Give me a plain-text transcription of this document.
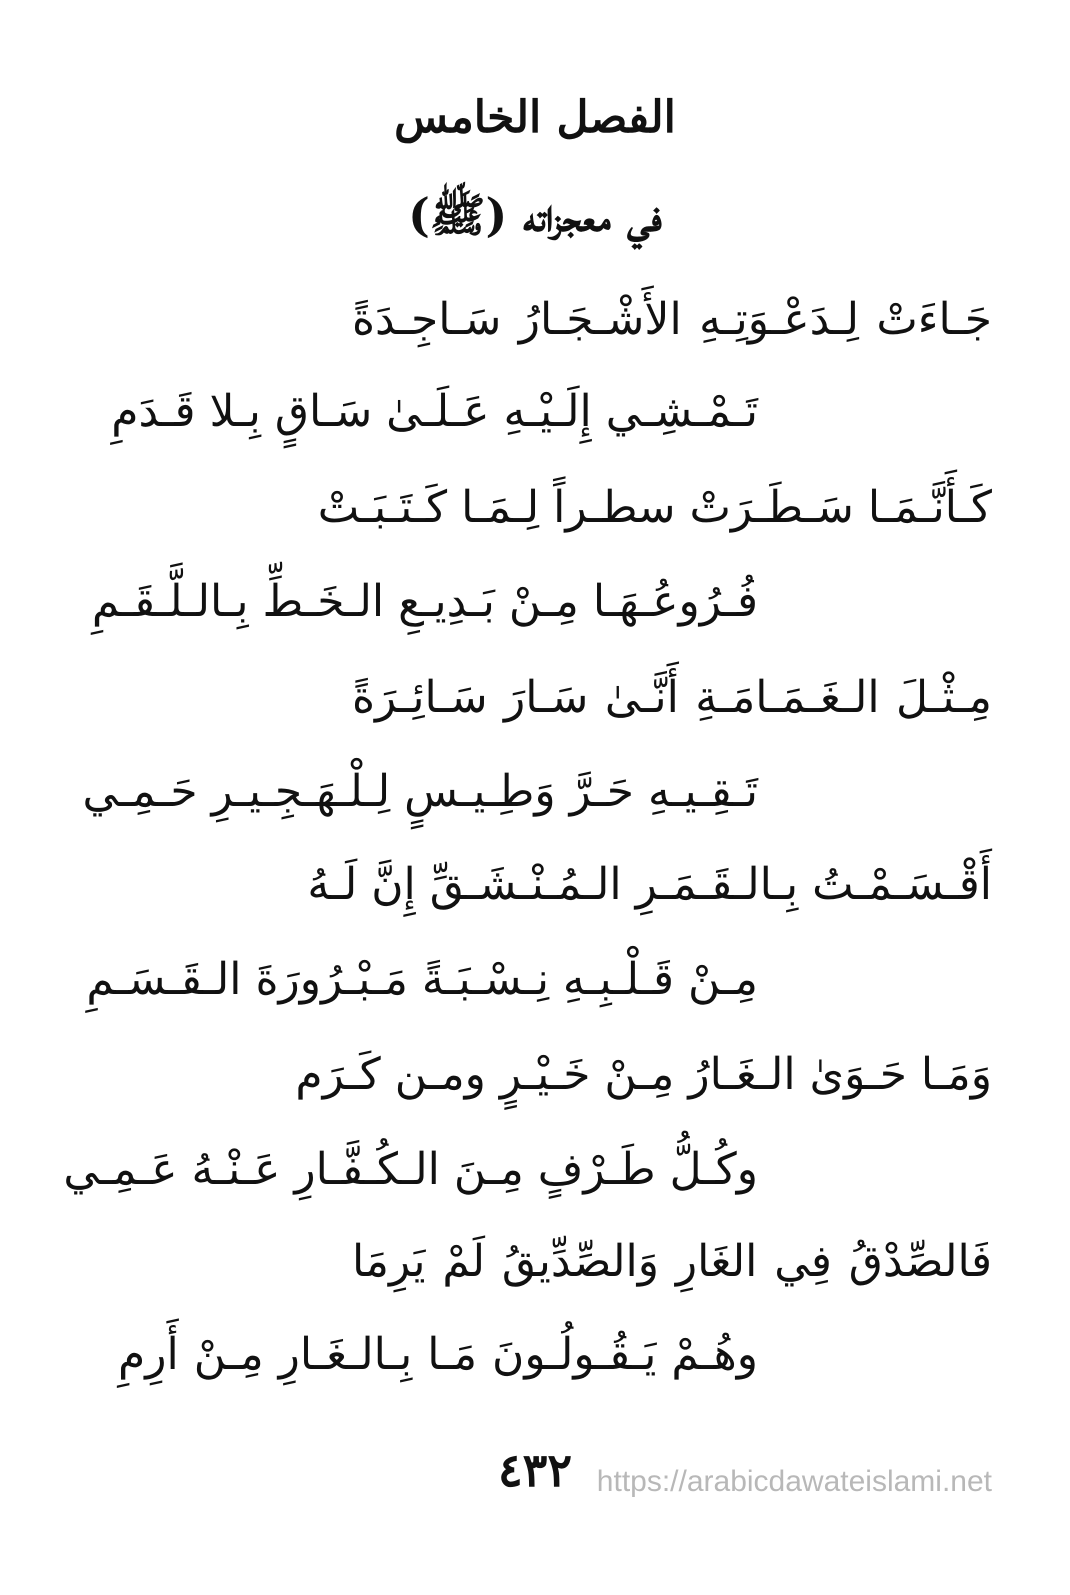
الفصل الخامس
في معجزاته (ﷺ)
جَـاءَتْ لِـدَعْـوَتِـهِ الأَشْـجَـارُ سَـاجِـدَةً
تَـمْـشِـي إِلَـيْـهِ عَـلَـىٰ سَـاقٍ بِـلا قَـدَمِ
كَـأَنَّـمَـا سَـطَـرَتْ سطـراً لِـمَـا كَـتَـبَـتْ
فُـرُوعُـهَـا مِـنْ بَـدِيـعِ الـخَـطِّ بِـالـلَّـقَـمِ
مِـثْـلَ الـغَـمَـامَـةِ أَنَّـىٰ سَـارَ سَـائِـرَةً
تَـقِـيـهِ حَـرَّ وَطِـيـسٍ لِـلْـهَـجِـيـرِ حَـمِـي
أَقْـسَـمْـتُ بِـالـقَـمَـرِ الـمُـنْـشَـقِّ إِنَّ لَـهُ
مِـنْ قَـلْـبِـهِ نِـسْـبَـةً مَـبْـرُورَةَ الـقَـسَـمِ
وَمَـا حَـوَىٰ الـغَـارُ مِـنْ خَـيْـرٍ ومـن كَـرَم
وكُـلُّ طَـرْفٍ مِـنَ الـكُـفَّـارِ عَـنْـهُ عَـمِـي
فَالصِّدْقُ فِي الغَارِ وَالصِّدِّيقُ لَمْ يَرِمَا
وهُـمْ يَـقُـولُـونَ مَـا بِـالـغَـارِ مِـنْ أَرِمِ
٤٣٢ https://arabicdawateislami.net
